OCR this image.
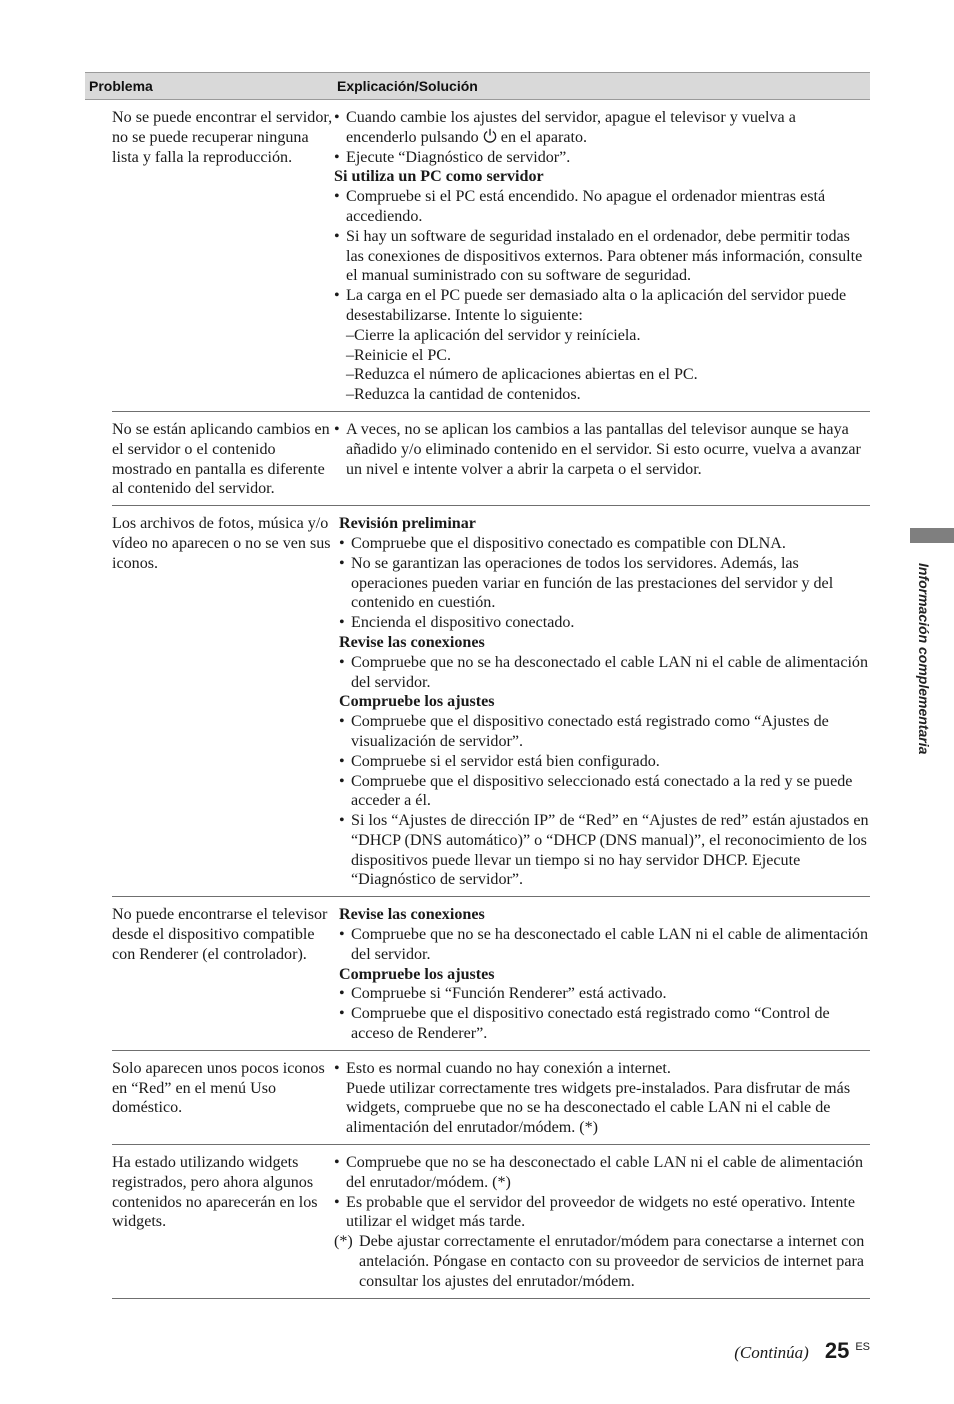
Problema	Explicación/Solución
No se puede encontrar el servidor, no se puede recuperar ninguna lista y falla la reproducción.
• Cuando cambie los ajustes del servidor, apague el televisor y vuelva a encenderlo pulsando en el aparato.
• Ejecute “Diagnóstico de servidor”.
Si utiliza un PC como servidor
• Compruebe si el PC está encendido. No apague el ordenador mientras está accediendo.
• Si hay un software de seguridad instalado en el ordenador, debe permitir todas las conexiones de dispositivos externos. Para obtener más información, consulte el manual suministrado con su software de seguridad.
• La carga en el PC puede ser demasiado alta o la aplicación del servidor puede desestabilizarse. Intente lo siguiente:
–Cierre la aplicación del servidor y reiníciela.
–Reinicie el PC.
–Reduzca el número de aplicaciones abiertas en el PC.
–Reduzca la cantidad de contenidos.
No se están aplicando cambios en el servidor o el contenido mostrado en pantalla es diferente al contenido del servidor.
• A veces, no se aplican los cambios a las pantallas del televisor aunque se haya añadido y/o eliminado contenido en el servidor. Si esto ocurre, vuelva a avanzar un nivel e intente volver a abrir la carpeta o el servidor.
Los archivos de fotos, música y/o vídeo no aparecen o no se ven sus iconos.
Revisión preliminar
• Compruebe que el dispositivo conectado es compatible con DLNA.
• No se garantizan las operaciones de todos los servidores. Además, las operaciones pueden variar en función de las prestaciones del servidor y del contenido en cuestión.
• Encienda el dispositivo conectado.
Revise las conexiones
• Compruebe que no se ha desconectado el cable LAN ni el cable de alimentación del servidor.
Compruebe los ajustes
• Compruebe que el dispositivo conectado está registrado como “Ajustes de visualización de servidor”.
• Compruebe si el servidor está bien configurado.
• Compruebe que el dispositivo seleccionado está conectado a la red y se puede acceder a él.
• Si los “Ajustes de dirección IP” de “Red” en “Ajustes de red” están ajustados en “DHCP (DNS automático)” o “DHCP (DNS manual)”, el reconocimiento de los dispositivos puede llevar un tiempo si no hay servidor DHCP. Ejecute “Diagnóstico de servidor”.
No puede encontrarse el televisor desde el dispositivo compatible con Renderer (el controlador).
Revise las conexiones
• Compruebe que no se ha desconectado el cable LAN ni el cable de alimentación del servidor.
Compruebe los ajustes
• Compruebe si “Función Renderer” está activado.
• Compruebe que el dispositivo conectado está registrado como “Control de acceso de Renderer”.
Solo aparecen unos pocos iconos en “Red” en el menú Uso doméstico.
• Esto es normal cuando no hay conexión a internet.
Puede utilizar correctamente tres widgets pre-instalados. Para disfrutar de más widgets, compruebe que no se ha desconectado el cable LAN ni el cable de alimentación del enrutador/módem. (*)
Ha estado utilizando widgets registrados, pero ahora algunos contenidos no aparecerán en los widgets.
• Compruebe que no se ha desconectado el cable LAN ni el cable de alimentación del enrutador/módem. (*)
• Es probable que el servidor del proveedor de widgets no esté operativo. Intente utilizar el widget más tarde.
(*) Debe ajustar correctamente el enrutador/módem para conectarse a internet con antelación. Póngase en contacto con su proveedor de servicios de internet para consultar los ajustes del enrutador/módem.
Información complementaria
(Continúa) 25 ES
